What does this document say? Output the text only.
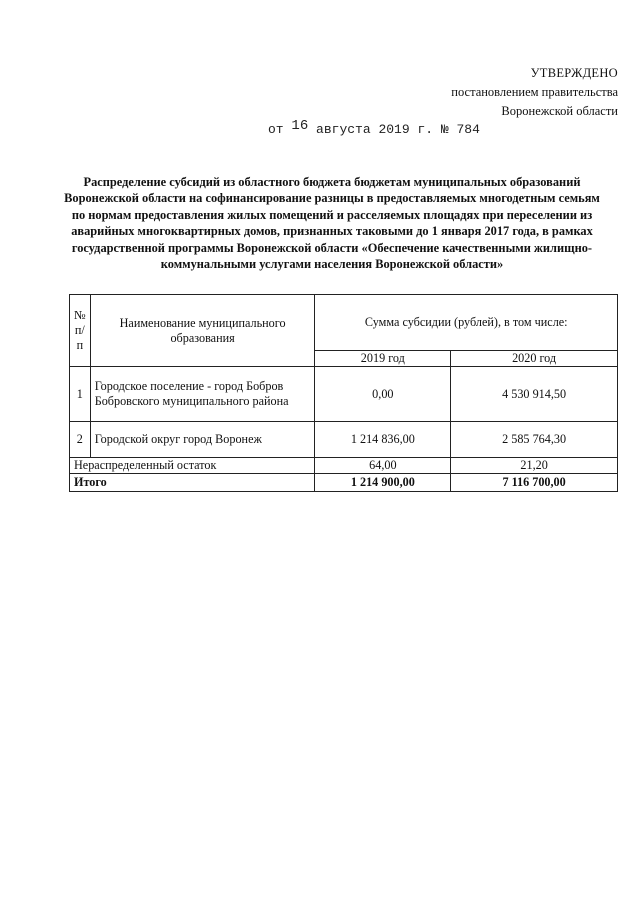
УТВЕРЖДЕНО
постановлением правительства
Воронежской области
от 16 августа 2019 г. № 784
Распределение субсидий из областного бюджета бюджетам муниципальных образований Воронежской области на софинансирование разницы в предоставляемых многодетным семьям по нормам предоставления жилых помещений и расселяемых площадях при переселении из аварийных многоквартирных домов, признанных таковыми до 1 января 2017 года, в рамках государственной программы Воронежской области «Обеспечение качественными жилищно-коммунальными услугами населения Воронежской области»
№ п/п	Наименование муниципального образования	Сумма субсидии (рублей), в том числе:	
		2019 год	2020 год
1	Городское поселение - город Бобров Бобровского муниципального района	0,00	4 530 914,50
2	Городской округ город Воронеж	1 214 836,00	2 585 764,30
Нераспределенный остаток		64,00	21,20
Итого		1 214 900,00	7 116 700,00
